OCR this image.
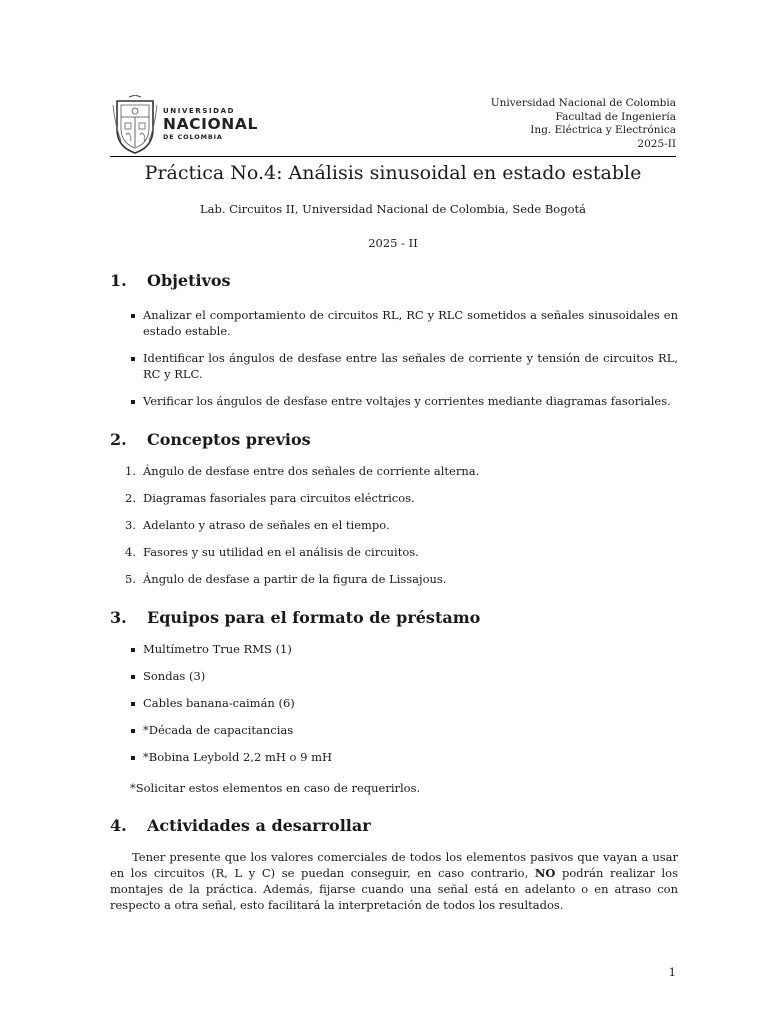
UNIVERSIDAD
NACIONAL
DE COLOMBIA
Universidad Nacional de Colombia
Facultad de Ingeniería
Ing. Eléctrica y Electrónica
2025-II
Práctica No.4: Análisis sinusoidal en estado estable
Lab. Circuitos II, Universidad Nacional de Colombia, Sede Bogotá
2025 - II
1. Objetivos
Analizar el comportamiento de circuitos RL, RC y RLC sometidos a señales sinusoidales en estado estable.
Identificar los ángulos de desfase entre las señales de corriente y tensión de circuitos RL, RC y RLC.
Verificar los ángulos de desfase entre voltajes y corrientes mediante diagramas fasoriales.
2. Conceptos previos
1. Ángulo de desfase entre dos señales de corriente alterna.
2. Diagramas fasoriales para circuitos eléctricos.
3. Adelanto y atraso de señales en el tiempo.
4. Fasores y su utilidad en el análisis de circuitos.
5. Ángulo de desfase a partir de la figura de Lissajous.
3. Equipos para el formato de préstamo
Multímetro True RMS (1)
Sondas (3)
Cables banana-caimán (6)
*Década de capacitancias
*Bobina Leybold 2,2 mH o 9 mH
*Solicitar estos elementos en caso de requerirlos.
4. Actividades a desarrollar

Tener presente que los valores comerciales de todos los elementos pasivos que vayan a usar en los circuitos (R, L y C) se puedan conseguir, en caso contrario, NO podrán realizar los montajes de la práctica. Además, fijarse cuando una señal está en adelanto o en atraso con respecto a otra señal, esto facilitará la interpretación de todos los resultados.

1
